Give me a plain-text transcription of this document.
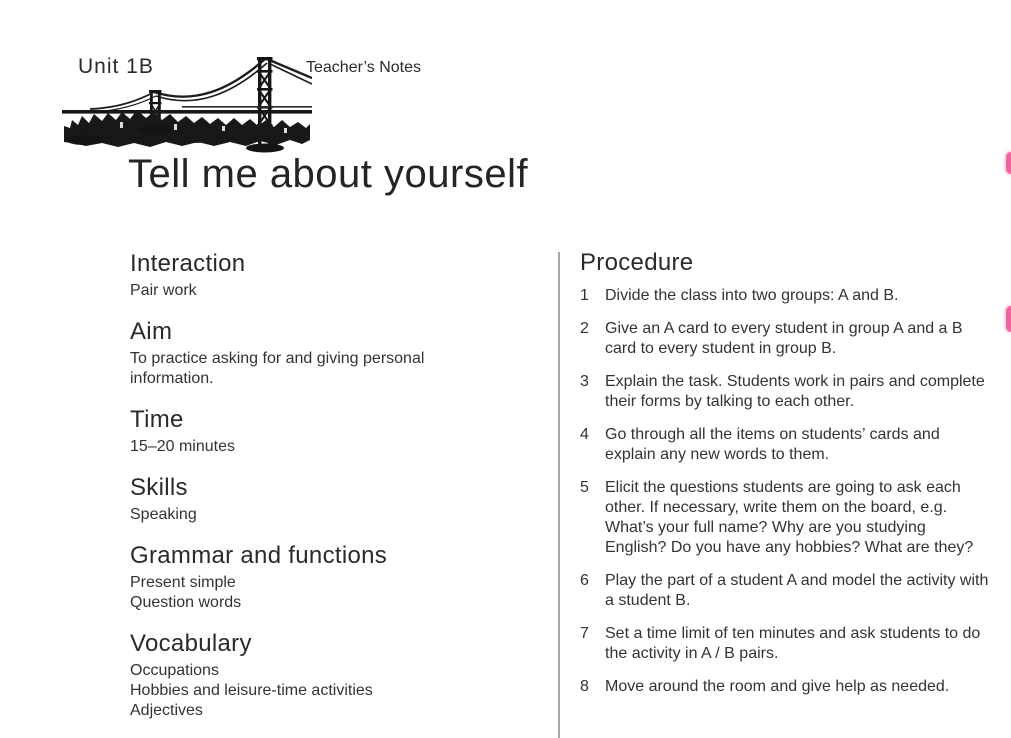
Unit 1B	Teacher’s Notes
Tell me about yourself
Interaction
Pair work
Aim
To practice asking for and giving personal information.
Time
15–20 minutes
Skills
Speaking
Grammar and functions
Present simple
Question words
Vocabulary
Occupations
Hobbies and leisure-time activities
Adjectives
Procedure
1	Divide the class into two groups: A and B.
2	Give an A card to every student in group A and a B card to every student in group B.
3	Explain the task. Students work in pairs and complete their forms by talking to each other.
4	Go through all the items on students’ cards and explain any new words to them.
5	Elicit the questions students are going to ask each other. If necessary, write them on the board, e.g. What’s your full name? Why are you studying English? Do you have any hobbies? What are they?
6	Play the part of a student A and model the activity with a student B.
7	Set a time limit of ten minutes and ask students to do the activity in A / B pairs.
8	Move around the room and give help as needed.
